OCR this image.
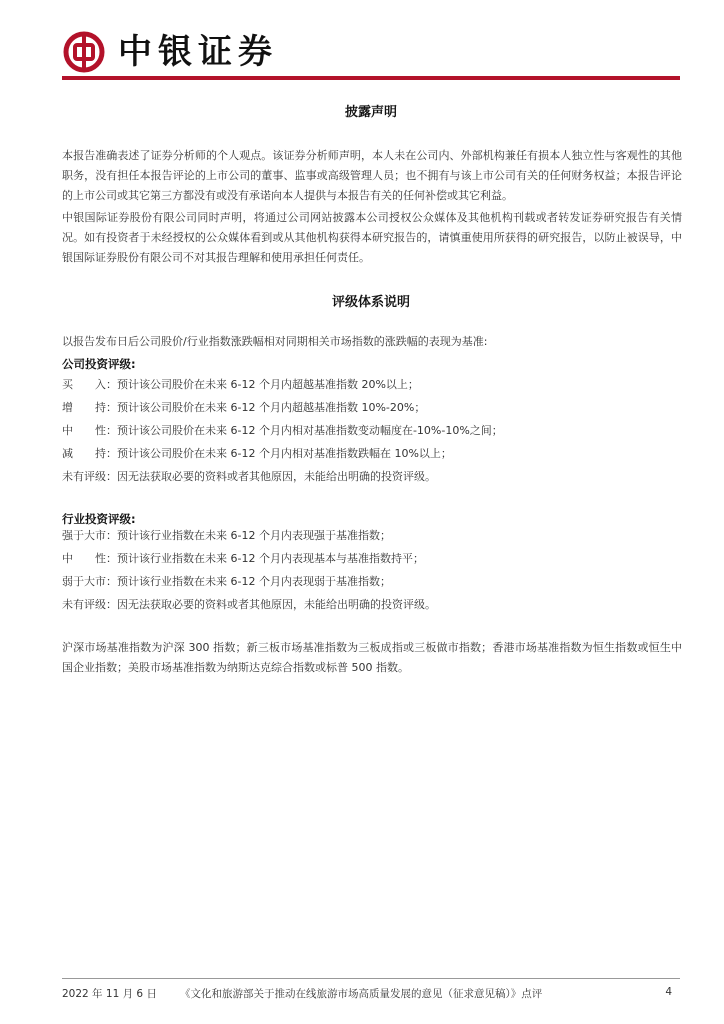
中银证券
披露声明
本报告准确表述了证券分析师的个人观点。该证券分析师声明，本人未在公司内、外部机构兼任有损本人独立性与客观性的其他职务，没有担任本报告评论的上市公司的董事、监事或高级管理人员；也不拥有与该上市公司有关的任何财务权益；本报告评论的上市公司或其它第三方都没有或没有承诺向本人提供与本报告有关的任何补偿或其它利益。
中银国际证券股份有限公司同时声明，将通过公司网站披露本公司授权公众媒体及其他机构刊载或者转发证券研究报告有关情况。如有投资者于未经授权的公众媒体看到或从其他机构获得本研究报告的，请慎重使用所获得的研究报告，以防止被误导，中银国际证券股份有限公司不对其报告理解和使用承担任何责任。
评级体系说明
以报告发布日后公司股价/行业指数涨跌幅相对同期相关市场指数的涨跌幅的表现为基准:
公司投资评级:
买　　入：预计该公司股价在未来 6-12 个月内超越基准指数 20%以上；
增　　持：预计该公司股价在未来 6-12 个月内超越基准指数 10%-20%；
中　　性：预计该公司股价在未来 6-12 个月内相对基准指数变动幅度在-10%-10%之间；
减　　持：预计该公司股价在未来 6-12 个月内相对基准指数跌幅在 10%以上；
未有评级：因无法获取必要的资料或者其他原因，未能给出明确的投资评级。
行业投资评级:
强于大市：预计该行业指数在未来 6-12 个月内表现强于基准指数；
中　　性：预计该行业指数在未来 6-12 个月内表现基本与基准指数持平；
弱于大市：预计该行业指数在未来 6-12 个月内表现弱于基准指数；
未有评级：因无法获取必要的资料或者其他原因，未能给出明确的投资评级。
沪深市场基准指数为沪深 300 指数；新三板市场基准指数为三板成指或三板做市指数；香港市场基准指数为恒生指数或恒生中国企业指数；美股市场基准指数为纳斯达克综合指数或标普 500 指数。
2022 年 11 月 6 日 《文化和旅游部关于推动在线旅游市场高质量发展的意见（征求意见稿）》点评	4
